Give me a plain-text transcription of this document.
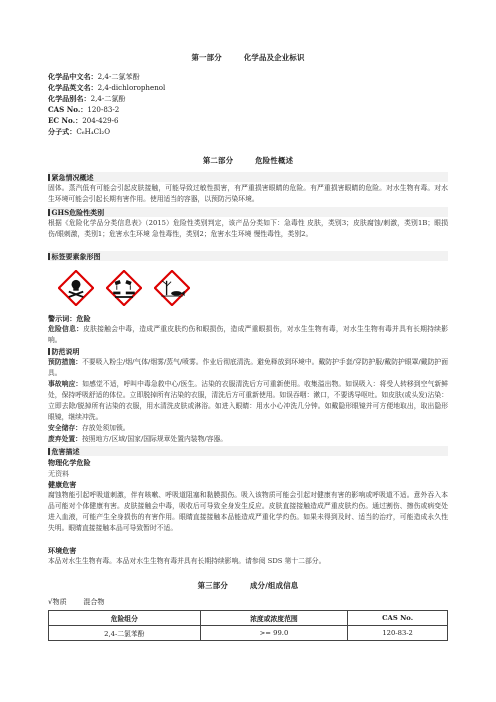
第一部分	化学品及企业标识
化学品中文名：2,4-二氯苯酚
化学品英文名：2,4-dichlorophenol
化学品别名：2,4-二氯酚
CAS No.：120-83-2
EC No.：204-429-6
分子式：C₆H₄Cl₂O
第二部分	危险性概述
紧急情况概述
固体。蒸汽低有可能会引起皮肤接触，可能导致过敏性损害，有严重损害眼睛的危险。有严重损害眼睛的危险。对水生物有毒。对水生环境可能会引起长期有害作用。使用适当的容器，以预防污染环境。
GHS危险性类别
根据《危险化学品分类信息表》（2015）危险性类别判定，该产品分类如下：急毒性 皮肤，类别3；皮肤腐蚀/刺激，类别1B；眼损伤/眼刺激，类别1；危害水生环境 急性毒性，类别2；危害水生环境 慢性毒性，类别2。
标签要素象形图
警示词：危险
危险信息：皮肤接触会中毒，造成严重皮肤灼伤和眼损伤，造成严重眼损伤，对水生生物有毒，对水生生物有毒并具有长期持续影响。
防范说明
预防措施：不要吸入粉尘/烟/气体/烟雾/蒸气/喷雾。作业后彻底清洗。避免释放到环境中。戴防护手套/穿防护服/戴防护眼罩/戴防护面具。
事故响应：如感觉不适，呼叫中毒急救中心/医生。沾染的衣服清洗后方可重新使用。收集溢出物。如误吸入：将受人转移到空气新鲜处，保持呼吸舒适的体位。立即脱掉所有沾染的衣服，清洗后方可重新使用。如误吞咽：漱口，不要诱导呕吐。如皮肤(或头发)沾染：立即去除/脱掉所有沾染的衣服，用水清洗皮肤或淋浴。如进入眼睛：用水小心冲洗几分钟。如戴隐形眼镜并可方便地取出，取出隐形眼镜，继续冲洗。
安全储存：存放处须加锁。
废弃处置：按照地方/区域/国家/国际规章处置内装物/容器。
危害描述
物理化学危险
无资料
健康危害
腐蚀物能引起呼吸道刺激，伴有咳嗽、呼吸道阻塞和黏膜损伤。吸入该物质可能会引起对健康有害的影响或呼吸道不适。意外吞入本品可能对个体健康有害。皮肤接触会中毒，吸收后可导致全身发生反应。皮肤直接接触造成严重皮肤灼伤。通过割伤、擦伤或病变处进入血液，可能产生全身损伤的有害作用。眼睛直接接触本品能造成严重化学灼伤。如果未得到及时、适当的治疗，可能造成永久性失明。眼睛直接接触本品可导致暂时不适。
环境危害
本品对水生生物有毒。本品对水生生物有毒并具有长期持续影响。请参阅 SDS 第十二部分。
第三部分	成分/组成信息
√物质 混合物
危险组分	浓度或浓度范围	CAS No.
2,4-二氯苯酚	>= 99.0	120-83-2
